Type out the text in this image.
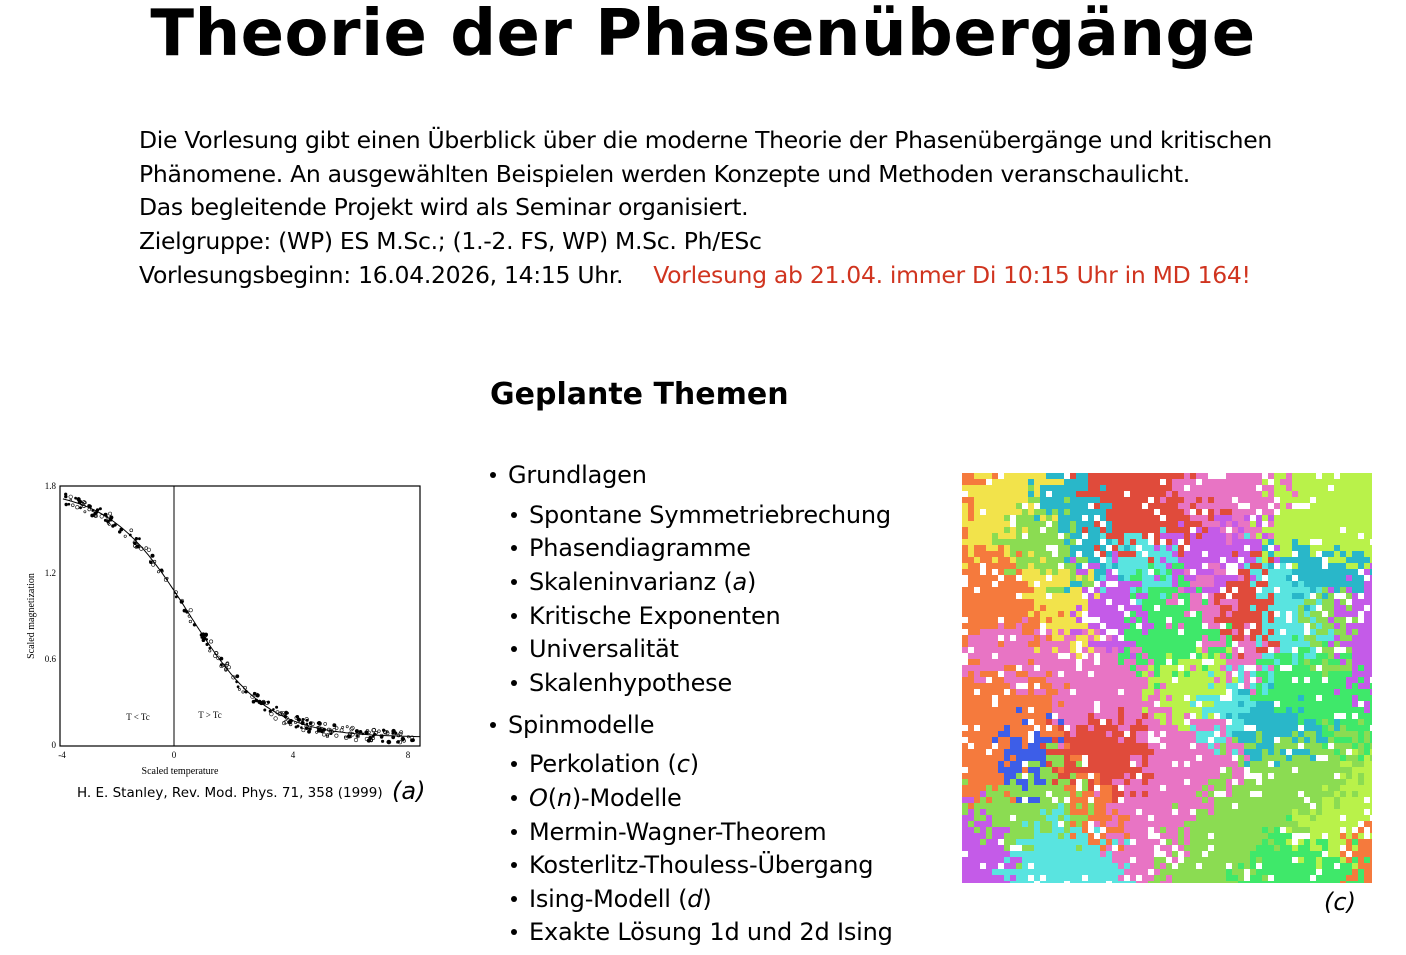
Theorie der Phasenübergänge
Die Vorlesung gibt einen Überblick über die moderne Theorie der Phasenübergänge und kritischen
Phänomene. An ausgewählten Beispielen werden Konzepte und Methoden veranschaulicht.
Das begleitende Projekt wird als Seminar organisiert.
Zielgruppe: (WP) ES M.Sc.; (1.-2. FS, WP) M.Sc. Ph/ESc
Vorlesungsbeginn: 16.04.2026, 14:15 Uhr. Vorlesung ab 21.04. immer Di 10:15 Uhr in MD 164!
Geplante Themen
Grundlagen
Spontane Symmetriebrechung
Phasendiagramme
Skaleninvarianz ( a )
Kritische Exponenten
Universalität
Skalenhypothese
Spinmodelle
Perkolation ( c )
O ( n )-Modelle
Mermin-Wagner-Theorem
Kosterlitz-Thouless-Übergang
Ising-Modell ( d )
Exakte Lösung 1d und 2d Ising
1.8
1.2
0.6
0
-4	0	4	8
Scaled temperature
Scaled magnetization
T < Tc	T > Tc
H. E. Stanley, Rev. Mod. Phys. 71, 358 (1999) (a)
(c)
